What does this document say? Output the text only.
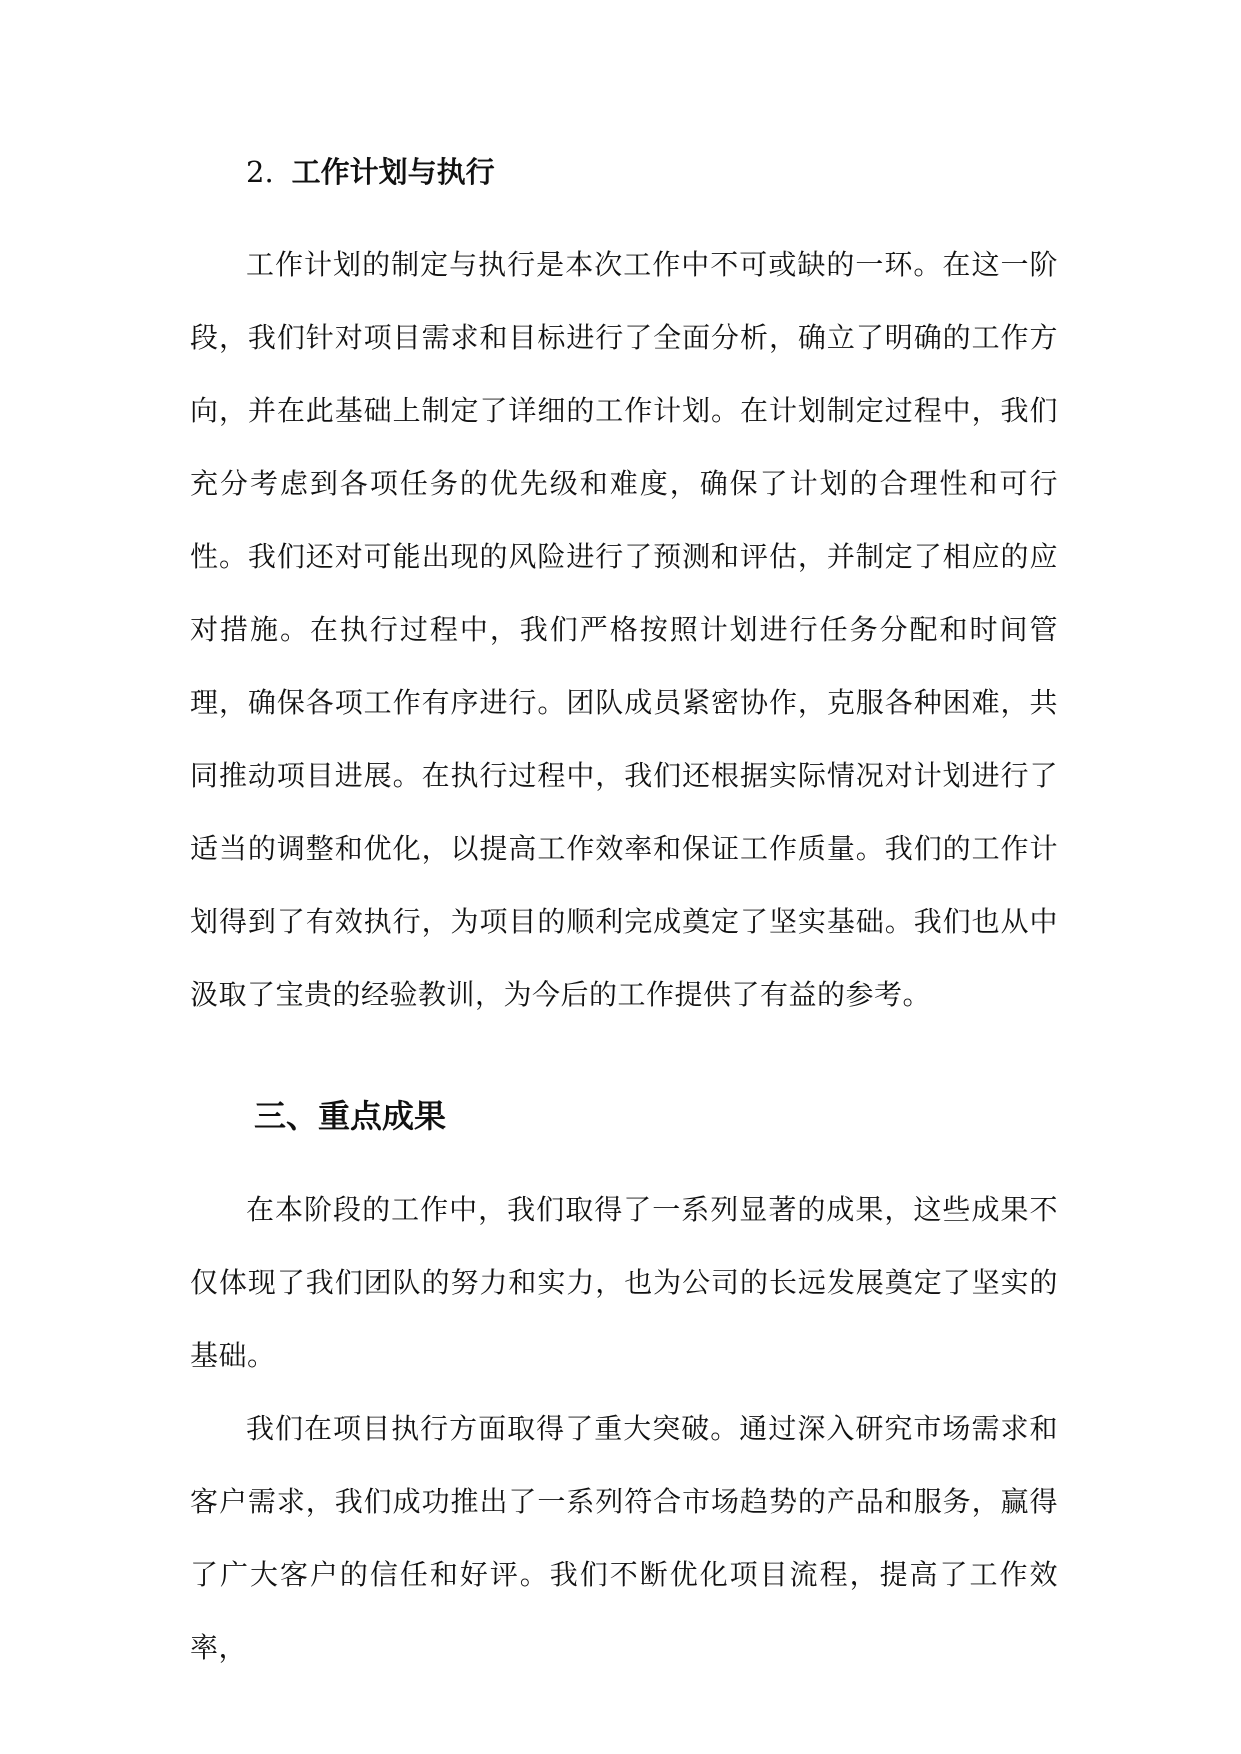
2. 工作计划与执行

工作计划的制定与执行是本次工作中不可或缺的一环。在这一阶段，我们针对项目需求和目标进行了全面分析，确立了明确的工作方向，并在此基础上制定了详细的工作计划。在计划制定过程中，我们充分考虑到各项任务的优先级和难度，确保了计划的合理性和可行性。我们还对可能出现的风险进行了预测和评估，并制定了相应的应对措施。在执行过程中，我们严格按照计划进行任务分配和时间管理，确保各项工作有序进行。团队成员紧密协作，克服各种困难，共同推动项目进展。在执行过程中，我们还根据实际情况对计划进行了适当的调整和优化，以提高工作效率和保证工作质量。我们的工作计划得到了有效执行，为项目的顺利完成奠定了坚实基础。我们也从中汲取了宝贵的经验教训，为今后的工作提供了有益的参考。

三、重点成果

在本阶段的工作中，我们取得了一系列显著的成果，这些成果不仅体现了我们团队的努力和实力，也为公司的长远发展奠定了坚实的基础。

我们在项目执行方面取得了重大突破。通过深入研究市场需求和客户需求，我们成功推出了一系列符合市场趋势的产品和服务，赢得了广大客户的信任和好评。我们不断优化项目流程，提高了工作效率，
